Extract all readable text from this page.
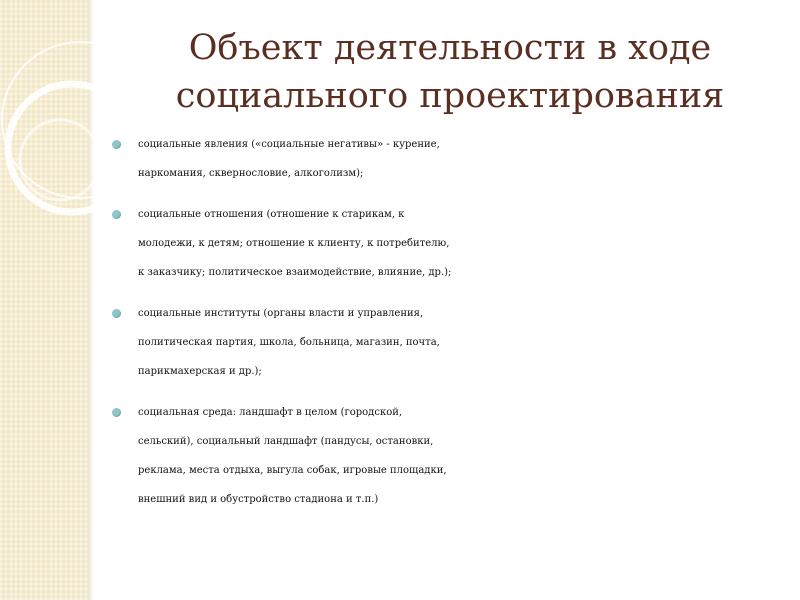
Объект деятельности в ходе
социального проектирования
социальные явления («социальные негативы» - курение,
наркомания, сквернословие, алкоголизм);
социальные отношения (отношение к старикам, к
молодежи, к детям; отношение к клиенту, к потребителю,
к заказчику; политическое взаимодействие, влияние, др.);
социальные институты (органы власти и управления,
политическая партия, школа, больница, магазин, почта,
парикмахерская и др.);
социальная среда: ландшафт в целом (городской,
сельский), социальный ландшафт (пандусы, остановки,
реклама, места отдыха, выгула собак, игровые площадки,
внешний вид и обустройство стадиона и т.п.)
